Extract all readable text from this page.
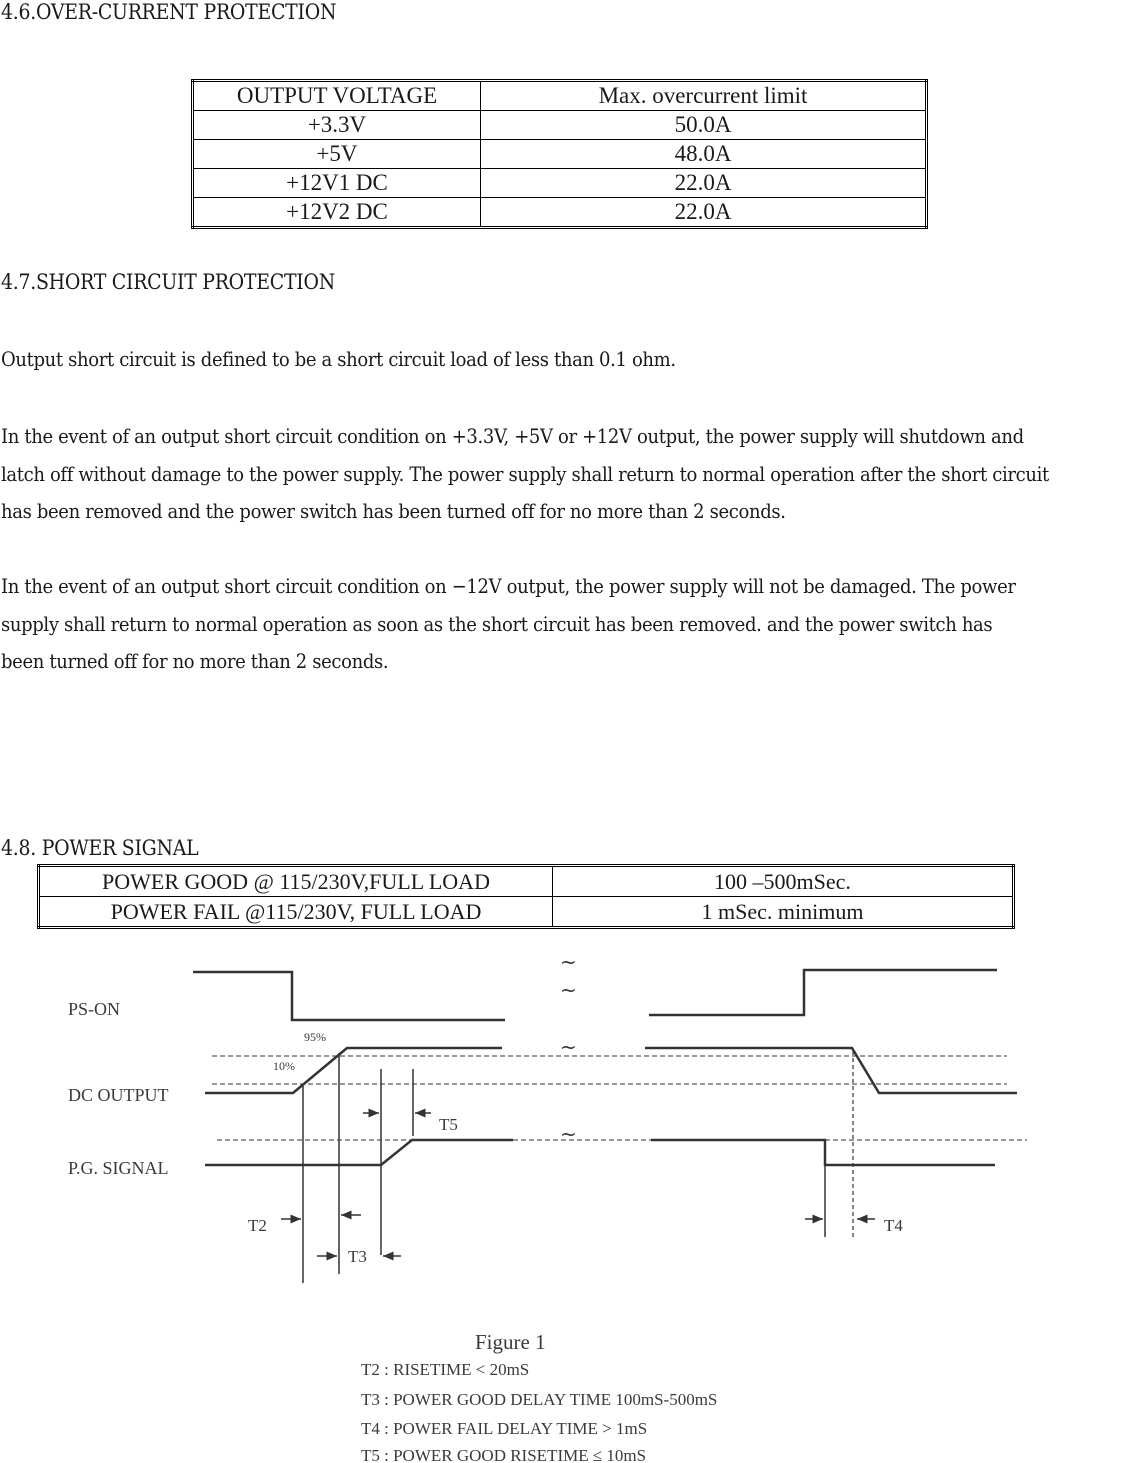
4.6.OVER-CURRENT PROTECTION
OUTPUT VOLTAGE	Max. overcurrent limit
+3.3V	50.0A
+5V	48.0A
+12V1 DC	22.0A
+12V2 DC	22.0A
4.7.SHORT CIRCUIT PROTECTION
Output short circuit is defined to be a short circuit load of less than 0.1 ohm.
In the event of an output short circuit condition on +3.3V, +5V or +12V output, the power supply will shutdown and
latch off without damage to the power supply. The power supply shall return to normal operation after the short circuit
has been removed and the power switch has been turned off for no more than 2 seconds.
In the event of an output short circuit condition on −12V output, the power supply will not be damaged. The power
supply shall return to normal operation as soon as the short circuit has been removed. and the power switch has
been turned off for no more than 2 seconds.
4.8. POWER SIGNAL
POWER GOOD @ 115/230V,FULL LOAD	100 –500mSec.
POWER FAIL @115/230V, FULL LOAD	1 mSec. minimum
~
~
~
~
PS-ON
DC OUTPUT
P.G. SIGNAL
95%
10%
T2
T3
T4
T5
Figure 1
T2 : RISETIME < 20mS
T3 : POWER GOOD DELAY TIME 100mS-500mS
T4 : POWER FAIL DELAY TIME > 1mS
T5 : POWER GOOD RISETIME ≤ 10mS
